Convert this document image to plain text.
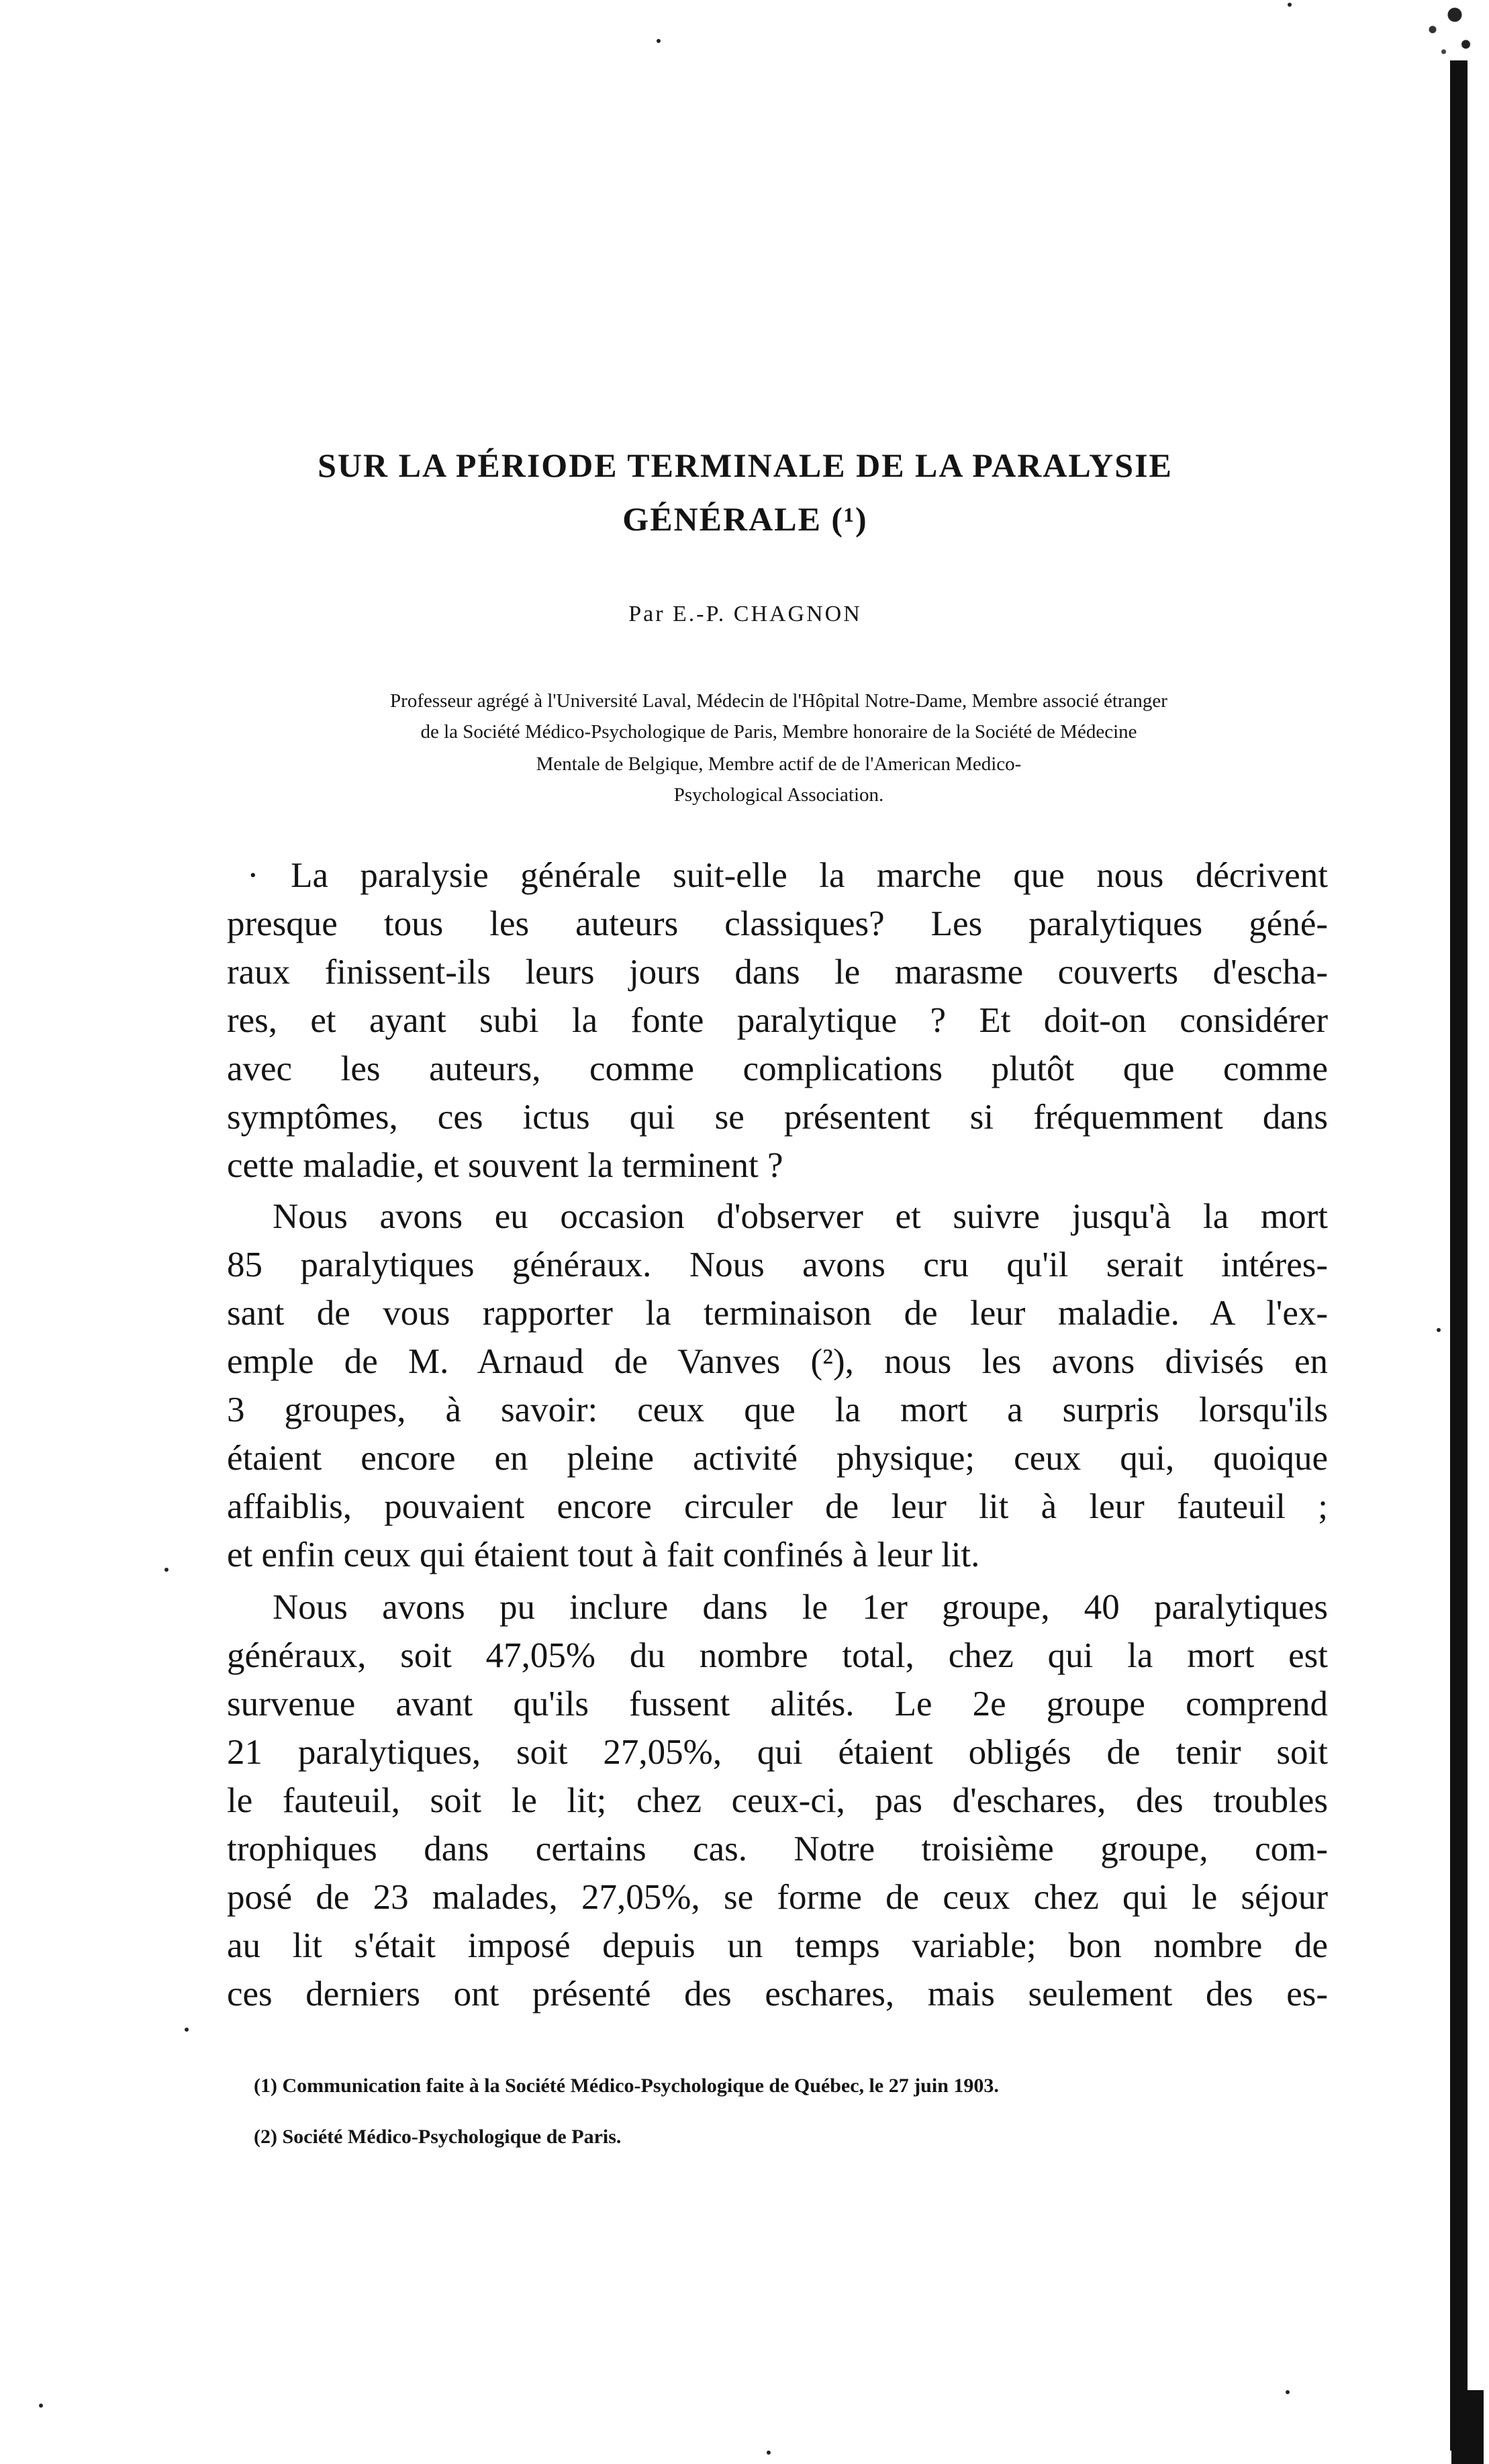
SUR LA PÉRIODE TERMINALE DE LA PARALYSIE
GÉNÉRALE (¹)
Par E.-P. CHAGNON
Professeur agrégé à l'Université Laval, Médecin de l'Hôpital Notre-Dame, Membre associé étranger
de la Société Médico-Psychologique de Paris, Membre honoraire de la Société de Médecine
Mentale de Belgique, Membre actif de de l'American Medico-
Psychological Association.
· La paralysie générale suit-elle la marche que nous décrivent
presque tous les auteurs classiques? Les paralytiques géné-
raux finissent-ils leurs jours dans le marasme couverts d'escha-
res, et ayant subi la fonte paralytique ? Et doit-on considérer
avec les auteurs, comme complications plutôt que comme
symptômes, ces ictus qui se présentent si fréquemment dans
cette maladie, et souvent la terminent ?
Nous avons eu occasion d'observer et suivre jusqu'à la mort
85 paralytiques généraux. Nous avons cru qu'il serait intéres-
sant de vous rapporter la terminaison de leur maladie. A l'ex-
emple de M. Arnaud de Vanves (²), nous les avons divisés en
3 groupes, à savoir: ceux que la mort a surpris lorsqu'ils
étaient encore en pleine activité physique; ceux qui, quoique
affaiblis, pouvaient encore circuler de leur lit à leur fauteuil ;
et enfin ceux qui étaient tout à fait confinés à leur lit.
Nous avons pu inclure dans le 1er groupe, 40 paralytiques
généraux, soit 47,05% du nombre total, chez qui la mort est
survenue avant qu'ils fussent alités. Le 2e groupe comprend
21 paralytiques, soit 27,05%, qui étaient obligés de tenir soit
le fauteuil, soit le lit; chez ceux-ci, pas d'eschares, des troubles
trophiques dans certains cas. Notre troisième groupe, com-
posé de 23 malades, 27,05%, se forme de ceux chez qui le séjour
au lit s'était imposé depuis un temps variable; bon nombre de
ces derniers ont présenté des eschares, mais seulement des es-
(1) Communication faite à la Société Médico-Psychologique de Québec, le 27 juin 1903.
(2) Société Médico-Psychologique de Paris.
